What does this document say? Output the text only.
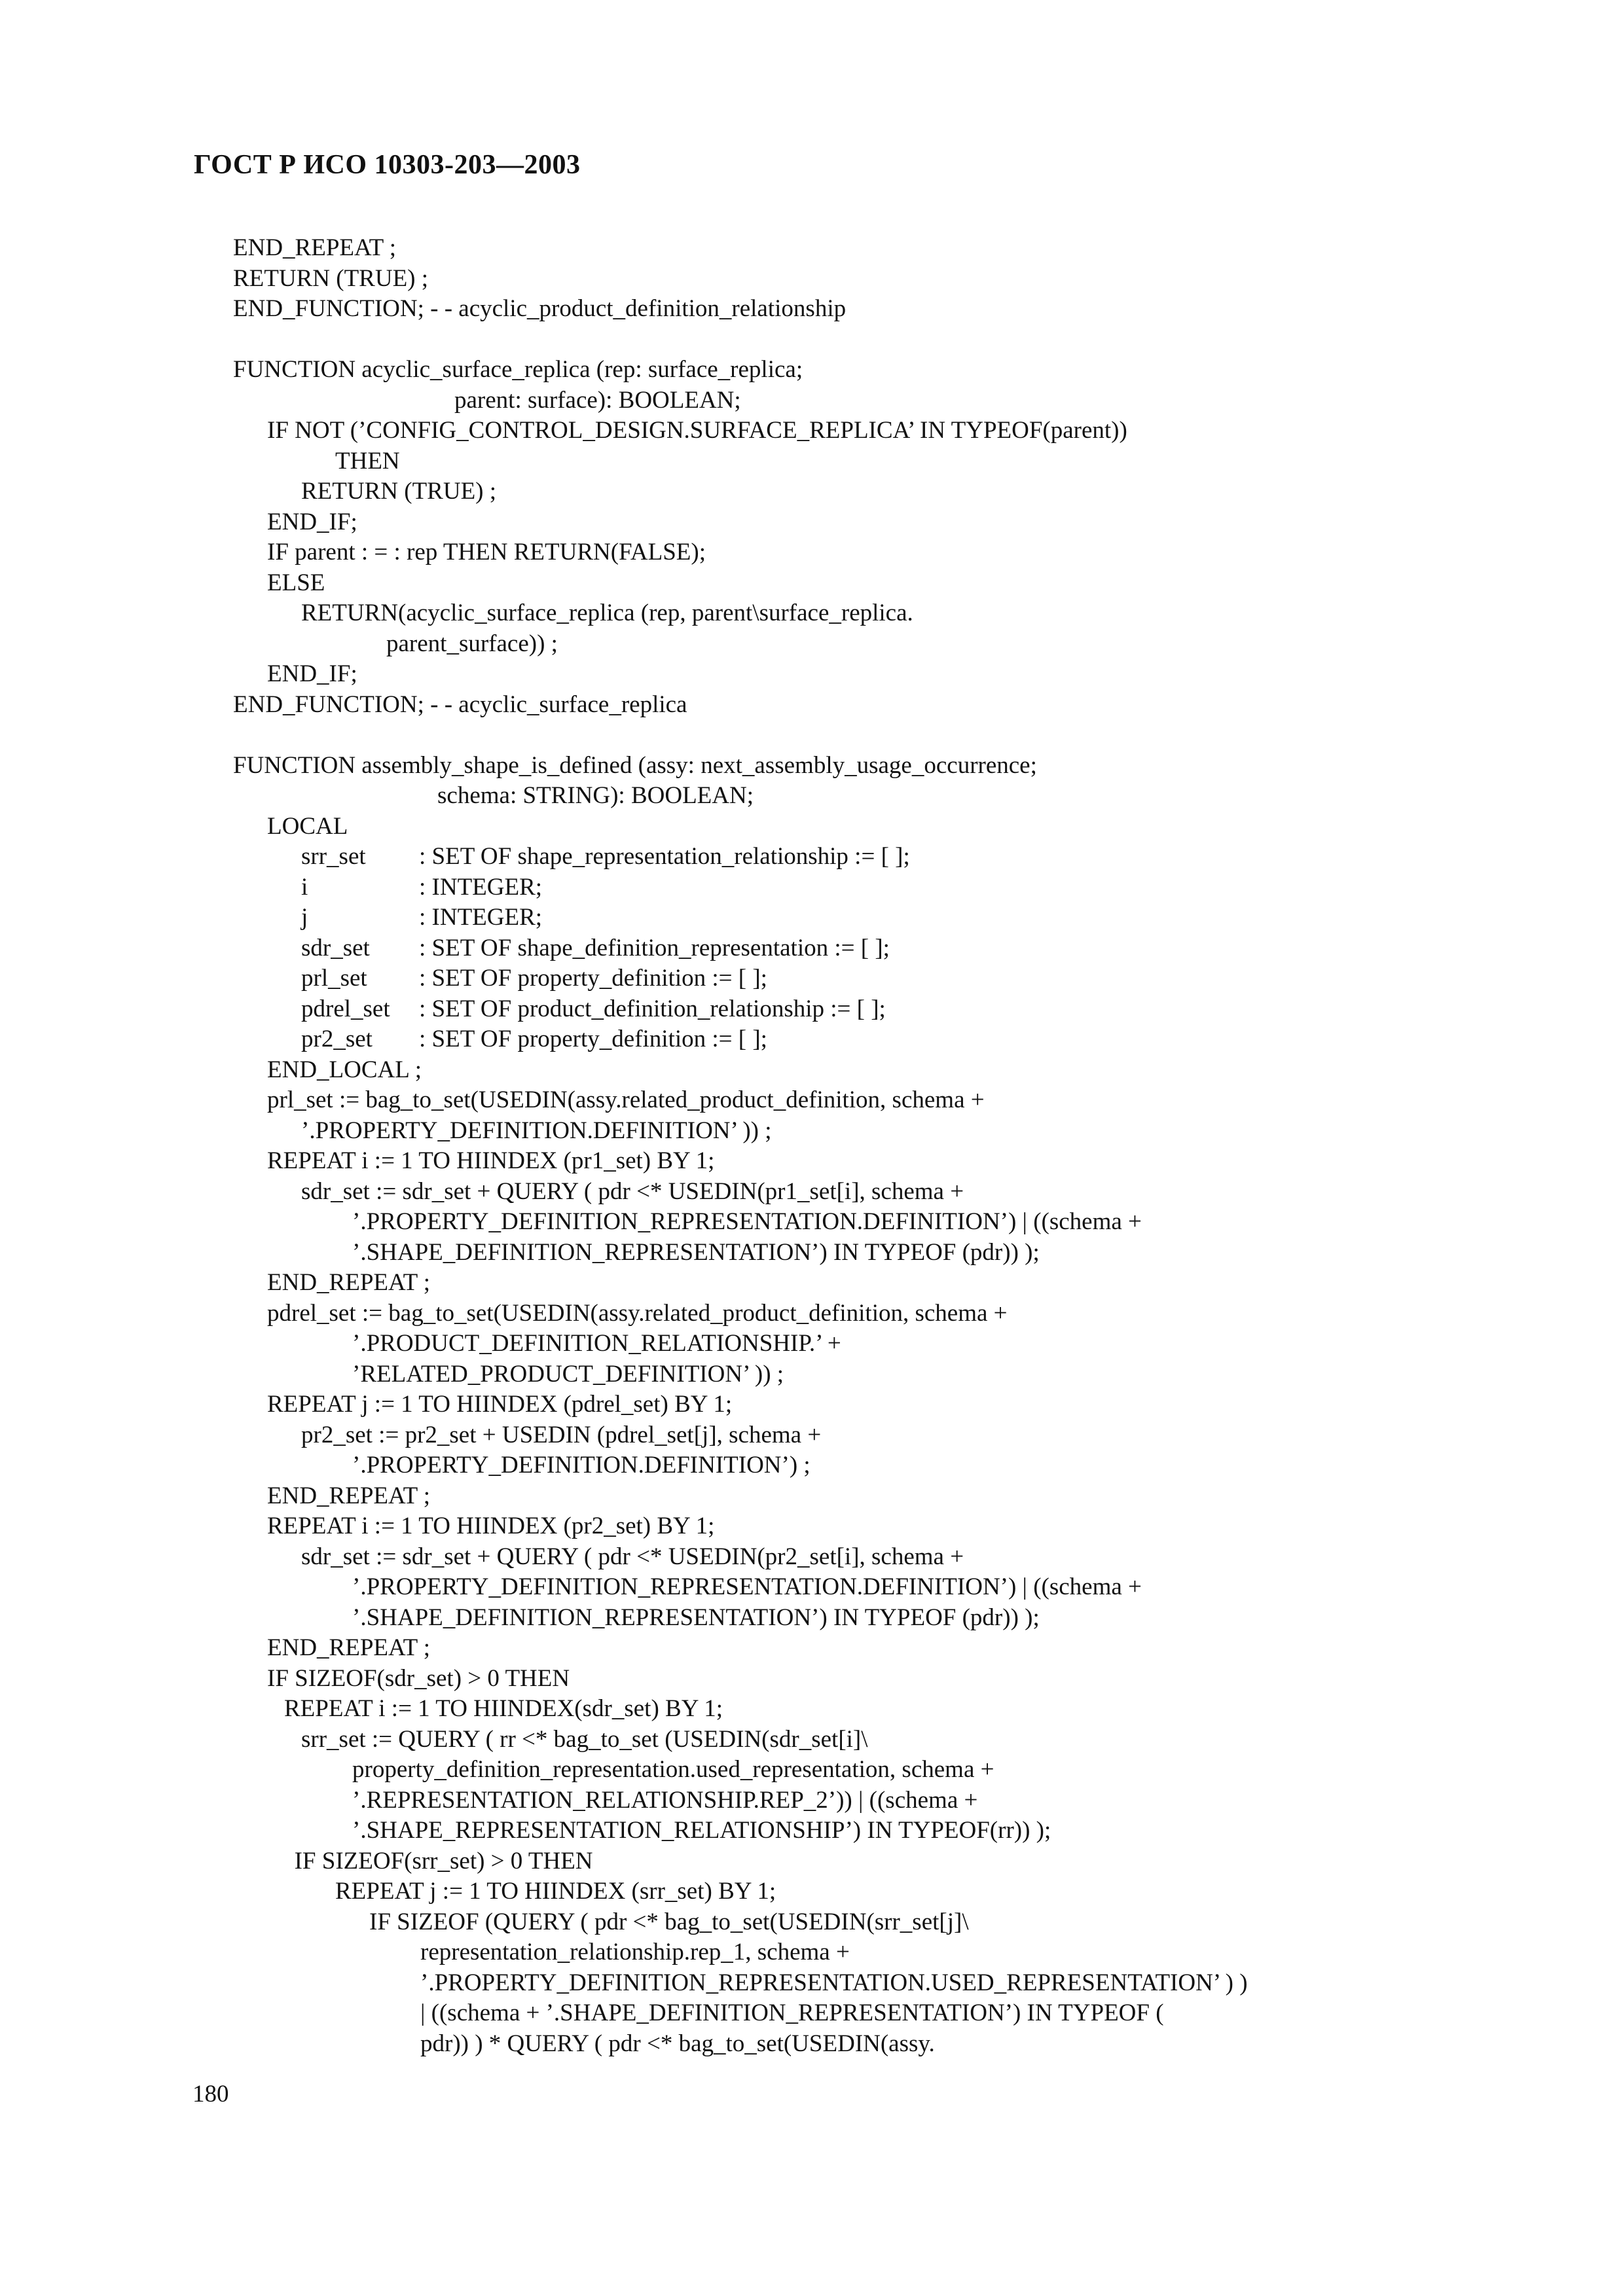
ГОСТ Р ИСО 10303-203—2003
END_REPEAT ;
RETURN (TRUE) ;
END_FUNCTION; - - acyclic_product_definition_relationship
FUNCTION acyclic_surface_replica (rep: surface_replica;
parent: surface): BOOLEAN;
IF NOT (’CONFIG_CONTROL_DESIGN.SURFACE_REPLICA’ IN TYPEOF(parent))
THEN
RETURN (TRUE) ;
END_IF;
IF parent : = : rep THEN RETURN(FALSE);
ELSE
RETURN(acyclic_surface_replica (rep, parent\surface_replica.
parent_surface)) ;
END_IF;
END_FUNCTION; - - acyclic_surface_replica
FUNCTION assembly_shape_is_defined (assy: next_assembly_usage_occurrence;
schema: STRING): BOOLEAN;
LOCAL
srr_set : SET OF shape_representation_relationship := [ ];
i	: INTEGER;
j	: INTEGER;
sdr_set : SET OF shape_definition_representation := [ ];
prl_set : SET OF property_definition := [ ];
pdrel_set : SET OF product_definition_relationship := [ ];
pr2_set : SET OF property_definition := [ ];
END_LOCAL ;
prl_set := bag_to_set(USEDIN(assy.related_product_definition, schema +
’.PROPERTY_DEFINITION.DEFINITION’ )) ;
REPEAT i := 1 TO HIINDEX (pr1_set) BY 1;
sdr_set := sdr_set + QUERY ( pdr <* USEDIN(pr1_set[i], schema +
’.PROPERTY_DEFINITION_REPRESENTATION.DEFINITION’) | ((schema +
’.SHAPE_DEFINITION_REPRESENTATION’) IN TYPEOF (pdr)) );
END_REPEAT ;
pdrel_set := bag_to_set(USEDIN(assy.related_product_definition, schema +
’.PRODUCT_DEFINITION_RELATIONSHIP.’ +
’RELATED_PRODUCT_DEFINITION’ )) ;
REPEAT j := 1 TO HIINDEX (pdrel_set) BY 1;
pr2_set := pr2_set + USEDIN (pdrel_set[j], schema +
’.PROPERTY_DEFINITION.DEFINITION’) ;
END_REPEAT ;
REPEAT i := 1 TO HIINDEX (pr2_set) BY 1;
sdr_set := sdr_set + QUERY ( pdr <* USEDIN(pr2_set[i], schema +
’.PROPERTY_DEFINITION_REPRESENTATION.DEFINITION’) | ((schema +
’.SHAPE_DEFINITION_REPRESENTATION’) IN TYPEOF (pdr)) );
END_REPEAT ;
IF SIZEOF(sdr_set) > 0 THEN
REPEAT i := 1 TO HIINDEX(sdr_set) BY 1;
srr_set := QUERY ( rr <* bag_to_set (USEDIN(sdr_set[i]\
property_definition_representation.used_representation, schema +
’.REPRESENTATION_RELATIONSHIP.REP_2’)) | ((schema +
’.SHAPE_REPRESENTATION_RELATIONSHIP’) IN TYPEOF(rr)) );
IF SIZEOF(srr_set) > 0 THEN
REPEAT j := 1 TO HIINDEX (srr_set) BY 1;
IF SIZEOF (QUERY ( pdr <* bag_to_set(USEDIN(srr_set[j]\
representation_relationship.rep_1, schema +
’.PROPERTY_DEFINITION_REPRESENTATION.USED_REPRESENTATION’ ) )
| ((schema + ’.SHAPE_DEFINITION_REPRESENTATION’) IN TYPEOF (
pdr)) ) * QUERY ( pdr <* bag_to_set(USEDIN(assy.
180
